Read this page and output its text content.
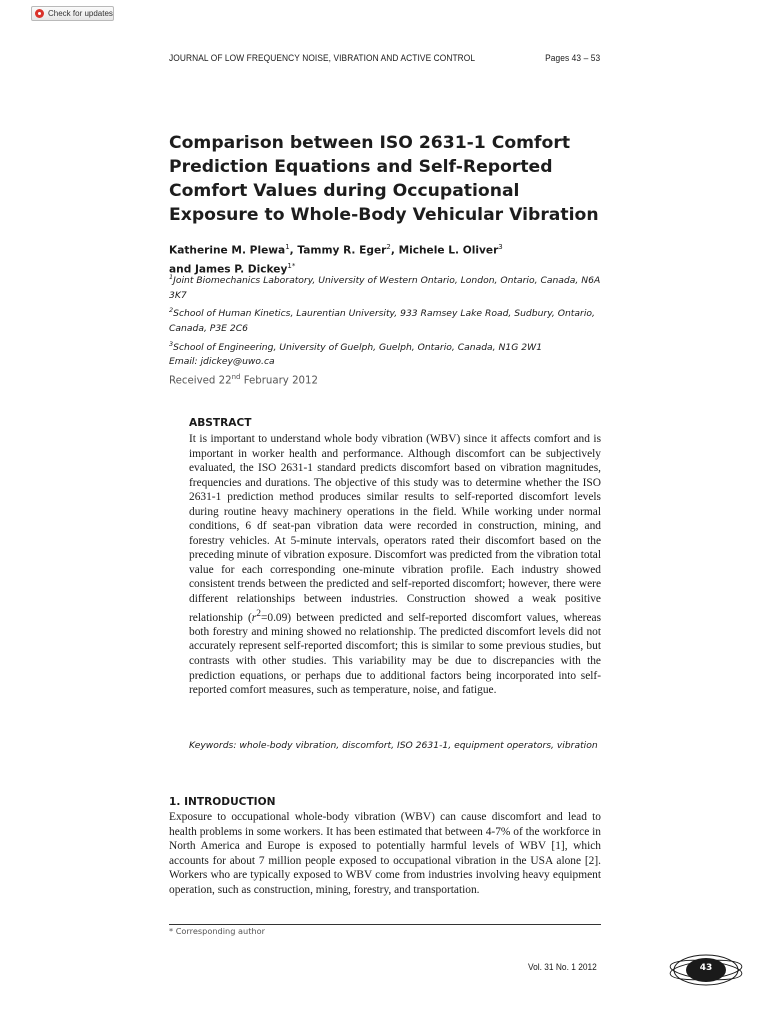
Check for updates
JOURNAL OF LOW FREQUENCY NOISE, VIBRATION AND ACTIVE CONTROL	Pages 43 – 53
Comparison between ISO 2631-1 Comfort Prediction Equations and Self-Reported Comfort Values during Occupational Exposure to Whole-Body Vehicular Vibration
Katherine M. Plewa$^1$, Tammy R. Eger$^2$, Michele L. Oliver$^3$
and James P. Dickey$^{1*}$
$^1$Joint Biomechanics Laboratory, University of Western Ontario, London, Ontario, Canada, N6A 3K7
$^2$School of Human Kinetics, Laurentian University, 933 Ramsey Lake Road, Sudbury, Ontario, Canada, P3E 2C6
$^3$School of Engineering, University of Guelph, Guelph, Ontario, Canada, N1G 2W1
Email: jdickey@uwo.ca
Received 22nd February 2012
ABSTRACT

It is important to understand whole body vibration (WBV) since it affects comfort and is important in worker health and performance. Although discomfort can be subjectively evaluated, the ISO 2631-1 standard predicts discomfort based on vibration magnitudes, frequencies and durations. The objective of this study was to determine whether the ISO 2631-1 prediction method produces similar results to self-reported discomfort levels during routine heavy machinery operations in the field. While working under normal conditions, 6 df seat-pan vibration data were recorded in construction, mining, and forestry vehicles. At 5-minute intervals, operators rated their discomfort based on the preceding minute of vibration exposure. Discomfort was predicted from the vibration total value for each corresponding one-minute vibration profile. Each industry showed consistent trends between the predicted and self-reported discomfort; however, there were different relationships between industries. Construction showed a weak positive relationship $(r^2=0.09)$ between predicted and self-reported discomfort values, whereas both forestry and mining showed no relationship. The predicted discomfort levels did not accurately represent self-reported discomfort; this is similar to some previous studies, but contrasts with other studies. This variability may be due to discrepancies with the prediction equations, or perhaps due to additional factors being incorporated into self-reported comfort measures, such as temperature, noise, and fatigue.

Keywords: whole-body vibration, discomfort, ISO 2631-1, equipment operators, vibration
1. INTRODUCTION

Exposure to occupational whole-body vibration (WBV) can cause discomfort and lead to health problems in some workers. It has been estimated that between 4-7% of the workforce in North America and Europe is exposed to potentially harmful levels of WBV [1], which accounts for about 7 million people exposed to occupational vibration in the USA alone [2]. Workers who are typically exposed to WBV come from industries involving heavy equipment operation, such as construction, mining, forestry, and transportation.

* Corresponding author
Vol. 31 No. 1 2012	43
